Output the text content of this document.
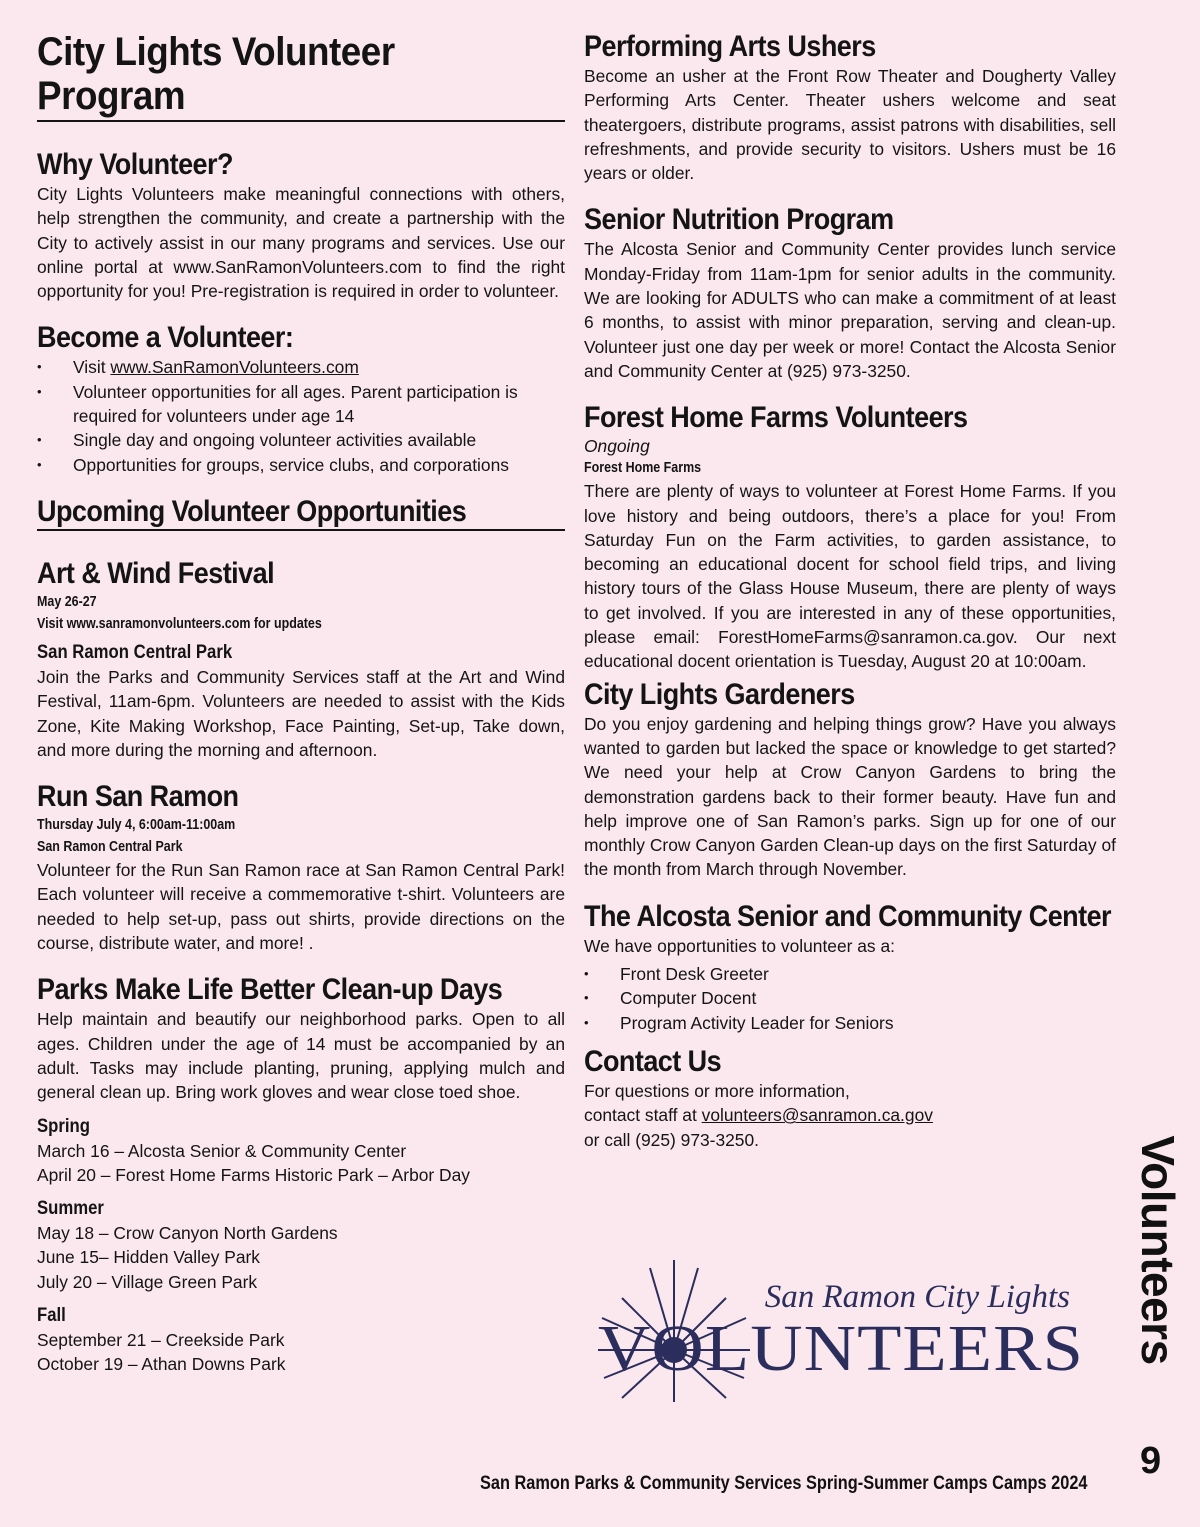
City Lights Volunteer Program
Why Volunteer?

City Lights Volunteers make meaningful connections with others, help strengthen the community, and create a partnership with the City to actively assist in our many programs and services. Use our online portal at www.SanRamonVolunteers.com to find the right opportunity for you! Pre-registration is required in order to volunteer.

Become a Volunteer:
• Visit www.SanRamonVolunteers.com
• Volunteer opportunities for all ages. Parent participation is required for volunteers under age 14
• Single day and ongoing volunteer activities available
• Opportunities for groups, service clubs, and corporations
Upcoming Volunteer Opportunities
Art & Wind Festival
May 26-27
Visit www.sanramonvolunteers.com for updates
San Ramon Central Park

Join the Parks and Community Services staff at the Art and Wind Festival, 11am-6pm. Volunteers are needed to assist with the Kids Zone, Kite Making Workshop, Face Painting, Set-up, Take down, and more during the morning and afternoon.

Run San Ramon
Thursday July 4, 6:00am-11:00am
San Ramon Central Park

Volunteer for the Run San Ramon race at San Ramon Central Park! Each volunteer will receive a commemorative t-shirt. Volunteers are needed to help set-up, pass out shirts, provide directions on the course, distribute water, and more! .

Parks Make Life Better Clean-up Days

Help maintain and beautify our neighborhood parks. Open to all ages. Children under the age of 14 must be accompanied by an adult. Tasks may include planting, pruning, applying mulch and general clean up. Bring work gloves and wear close toed shoe.

Spring

March 16 – Alcosta Senior & Community Center

April 20 – Forest Home Farms Historic Park – Arbor Day

Summer

May 18 – Crow Canyon North Gardens

June 15– Hidden Valley Park

July 20 – Village Green Park

Fall

September 21 – Creekside Park

October 19 – Athan Downs Park

Performing Arts Ushers

Become an usher at the Front Row Theater and Dougherty Valley Performing Arts Center. Theater ushers welcome and seat theatergoers, distribute programs, assist patrons with disabilities, sell refreshments, and provide security to visitors. Ushers must be 16 years or older.

Senior Nutrition Program

The Alcosta Senior and Community Center provides lunch service Monday-Friday from 11am-1pm for senior adults in the community. We are looking for ADULTS who can make a commitment of at least 6 months, to assist with minor preparation, serving and clean-up. Volunteer just one day per week or more! Contact the Alcosta Senior and Community Center at (925) 973-3250.

Forest Home Farms Volunteers
Ongoing
Forest Home Farms

There are plenty of ways to volunteer at Forest Home Farms. If you love history and being outdoors, there’s a place for you! From Saturday Fun on the Farm activities, to garden assistance, to becoming an educational docent for school field trips, and living history tours of the Glass House Museum, there are plenty of ways to get involved. If you are interested in any of these opportunities, please email: ForestHomeFarms@sanramon.ca.gov. Our next educational docent orientation is Tuesday, August 20 at 10:00am.

City Lights Gardeners

Do you enjoy gardening and helping things grow? Have you always wanted to garden but lacked the space or knowledge to get started? We need your help at Crow Canyon Gardens to bring the demonstration gardens back to their former beauty. Have fun and help improve one of San Ramon’s parks. Sign up for one of our monthly Crow Canyon Garden Clean-up days on the first Saturday of the month from March through November.

The Alcosta Senior and Community Center

We have opportunities to volunteer as a:

• Front Desk Greeter
• Computer Docent
• Program Activity Leader for Seniors
Contact Us

For questions or more information,

contact staff at volunteers@sanramon.ca.gov

or call (925) 973-3250.

San Ramon City Lights
VOLUNTEERS Volunteers
9
San Ramon Parks & Community Services Spring-Summer Camps Camps 2024
